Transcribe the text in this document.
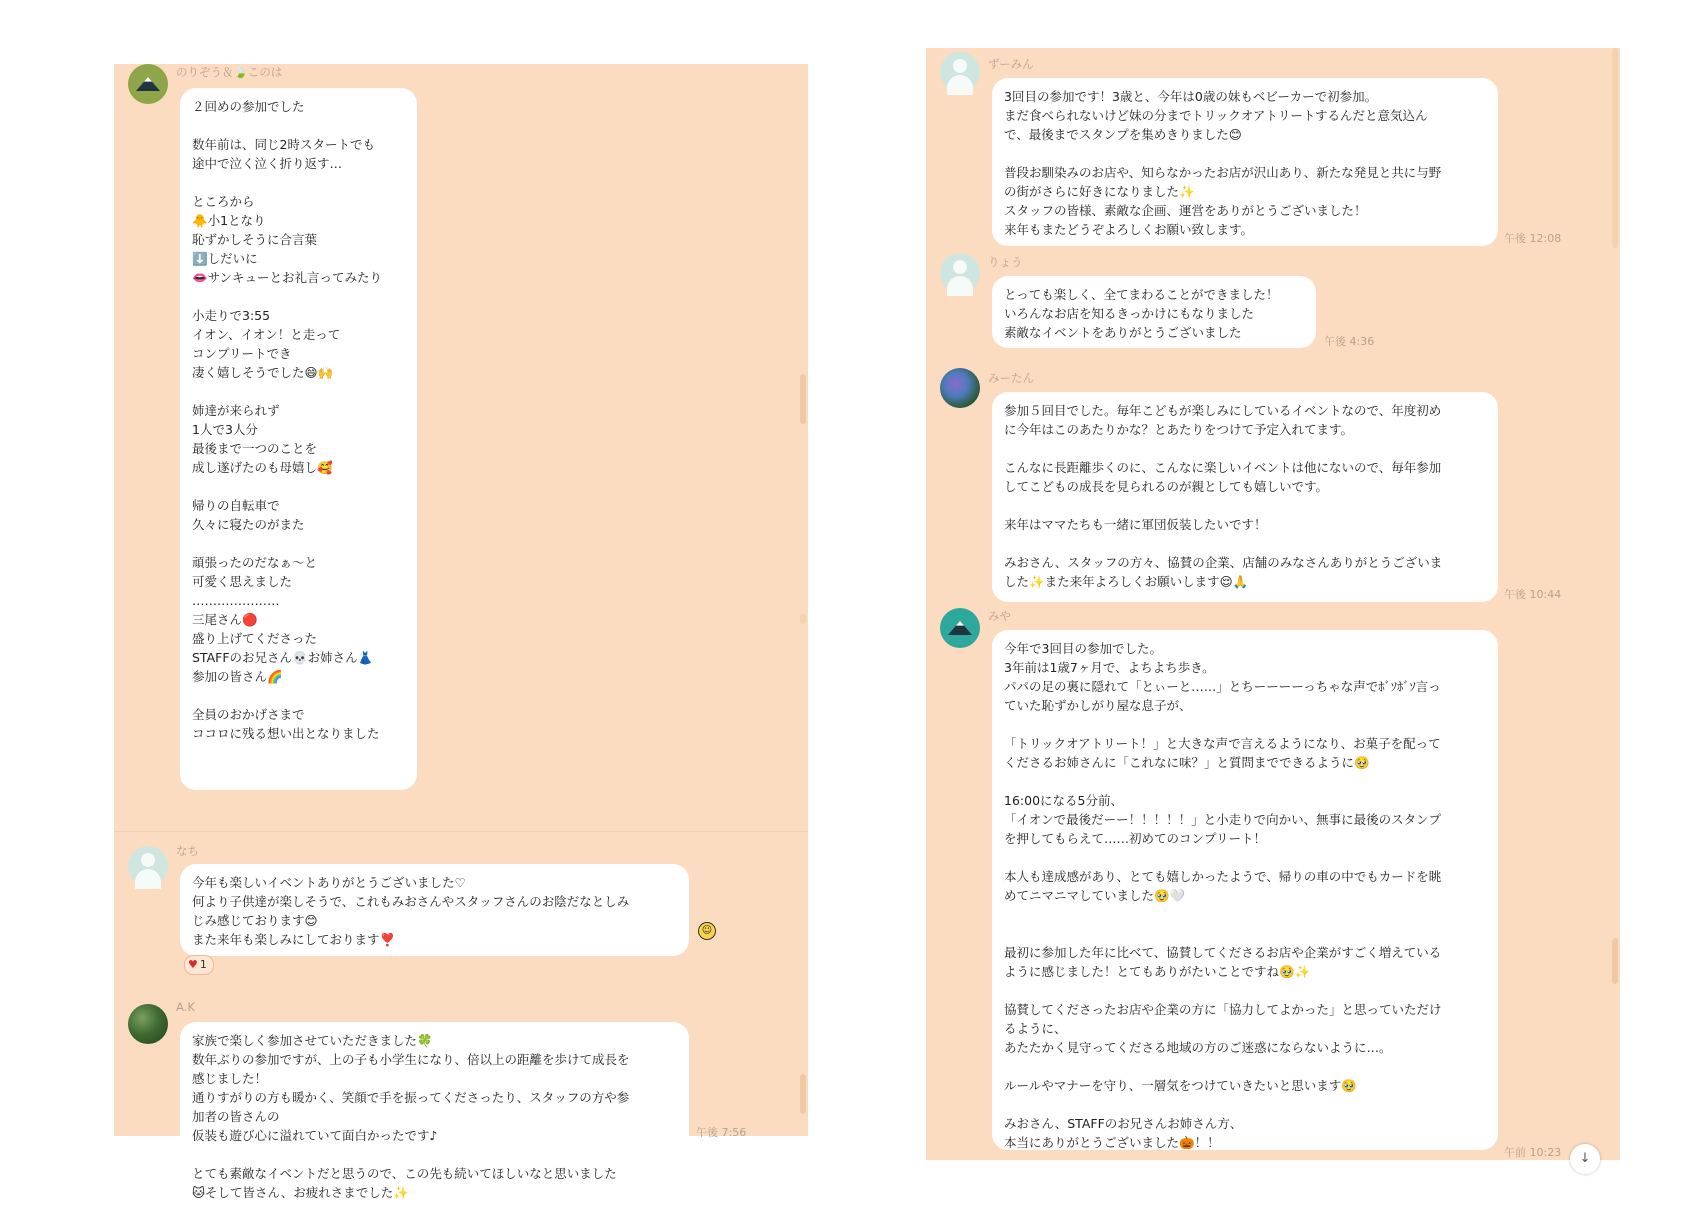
のりぞう＆🍃このは
２回めの参加でした
数年前は、同じ2時スタートでも
途中で泣く泣く折り返す…
ところから
🐥小1となり
恥ずかしそうに合言葉
⬇️しだいに
👄サンキューとお礼言ってみたり
小走りで3:55
イオン、イオン！と走って
コンプリートでき
凄く嬉しそうでした😄🙌
姉達が来られず
1人で3人分
最後まで一つのことを
成し遂げたのも母嬉し🥰
帰りの自転車で
久々に寝たのがまた
頑張ったのだなぁ〜と
可愛く思えました
…………………
三尾さん🔴
盛り上げてくださった
STAFFのお兄さん💀お姉さん👗
参加の皆さん🌈
全員のおかげさまで
ココロに残る想い出となりました
なち
今年も楽しいイベントありがとうございました♡
何より子供達が楽しそうで、これもみおさんやスタッフさんのお陰だなとしみ
じみ感じております😊
また来年も楽しみにしております❣️
☺
♥ 1
A.K
家族で楽しく参加させていただきました🍀
数年ぶりの参加ですが、上の子も小学生になり、倍以上の距離を歩けて成長を
感じました！
通りすがりの方も暖かく、笑顔で手を振ってくださったり、スタッフの方や参
加者の皆さんの
仮装も遊び心に溢れていて面白かったです♪
とても素敵なイベントだと思うので、この先も続いてほしいなと思いました
🐱そして皆さん、お疲れさまでした✨
午後 7:56
ずーみん
3回目の参加です！3歳と、今年は0歳の妹もベビーカーで初参加。
まだ食べられないけど妹の分までトリックオアトリートするんだと意気込ん
で、最後までスタンプを集めきりました😊
普段お馴染みのお店や、知らなかったお店が沢山あり、新たな発見と共に与野
の街がさらに好きになりました✨
スタッフの皆様、素敵な企画、運営をありがとうございました！
来年もまたどうぞよろしくお願い致します。
午後 12:08
りょう
とっても楽しく、全てまわることができました！
いろんなお店を知るきっかけにもなりました
素敵なイベントをありがとうございました
午後 4:36
みーたん
参加５回目でした。毎年こどもが楽しみにしているイベントなので、年度初め
に今年はこのあたりかな？とあたりをつけて予定入れてます。
こんなに長距離歩くのに、こんなに楽しいイベントは他にないので、毎年参加
してこどもの成長を見られるのが親としても嬉しいです。
来年はママたちも一緒に軍団仮装したいです！
みおさん、スタッフの方々、協賛の企業、店舗のみなさんありがとうございま
した✨また来年よろしくお願いします😌🙏
午後 10:44
みや
今年で3回目の参加でした。
3年前は1歳7ヶ月で、よちよち歩き。
パパの足の裏に隠れて「とぃーと……」とちーーーーっちゃな声でﾎﾞｿﾎﾞｿ言っ
ていた恥ずかしがり屋な息子が、
「トリックオアトリート！」と大きな声で言えるようになり、お菓子を配って
くださるお姉さんに「これなに味？」と質問までできるように🥹
16:00になる5分前、
「イオンで最後だーー！！！！！」と小走りで向かい、無事に最後のスタンプ
を押してもらえて……初めてのコンプリート！
本人も達成感があり、とても嬉しかったようで、帰りの車の中でもカードを眺
めてニマニマしていました🥹🤍
最初に参加した年に比べて、協賛してくださるお店や企業がすごく増えている
ように感じました！とてもありがたいことですね🥹✨
協賛してくださったお店や企業の方に「協力してよかった」と思っていただけ
るように、
あたたかく見守ってくださる地域の方のご迷惑にならないように…。
ルールやマナーを守り、一層気をつけていきたいと思います🥹
みおさん、STAFFのお兄さんお姉さん方、
本当にありがとうございました🎃！！
午前 10:23	↓
